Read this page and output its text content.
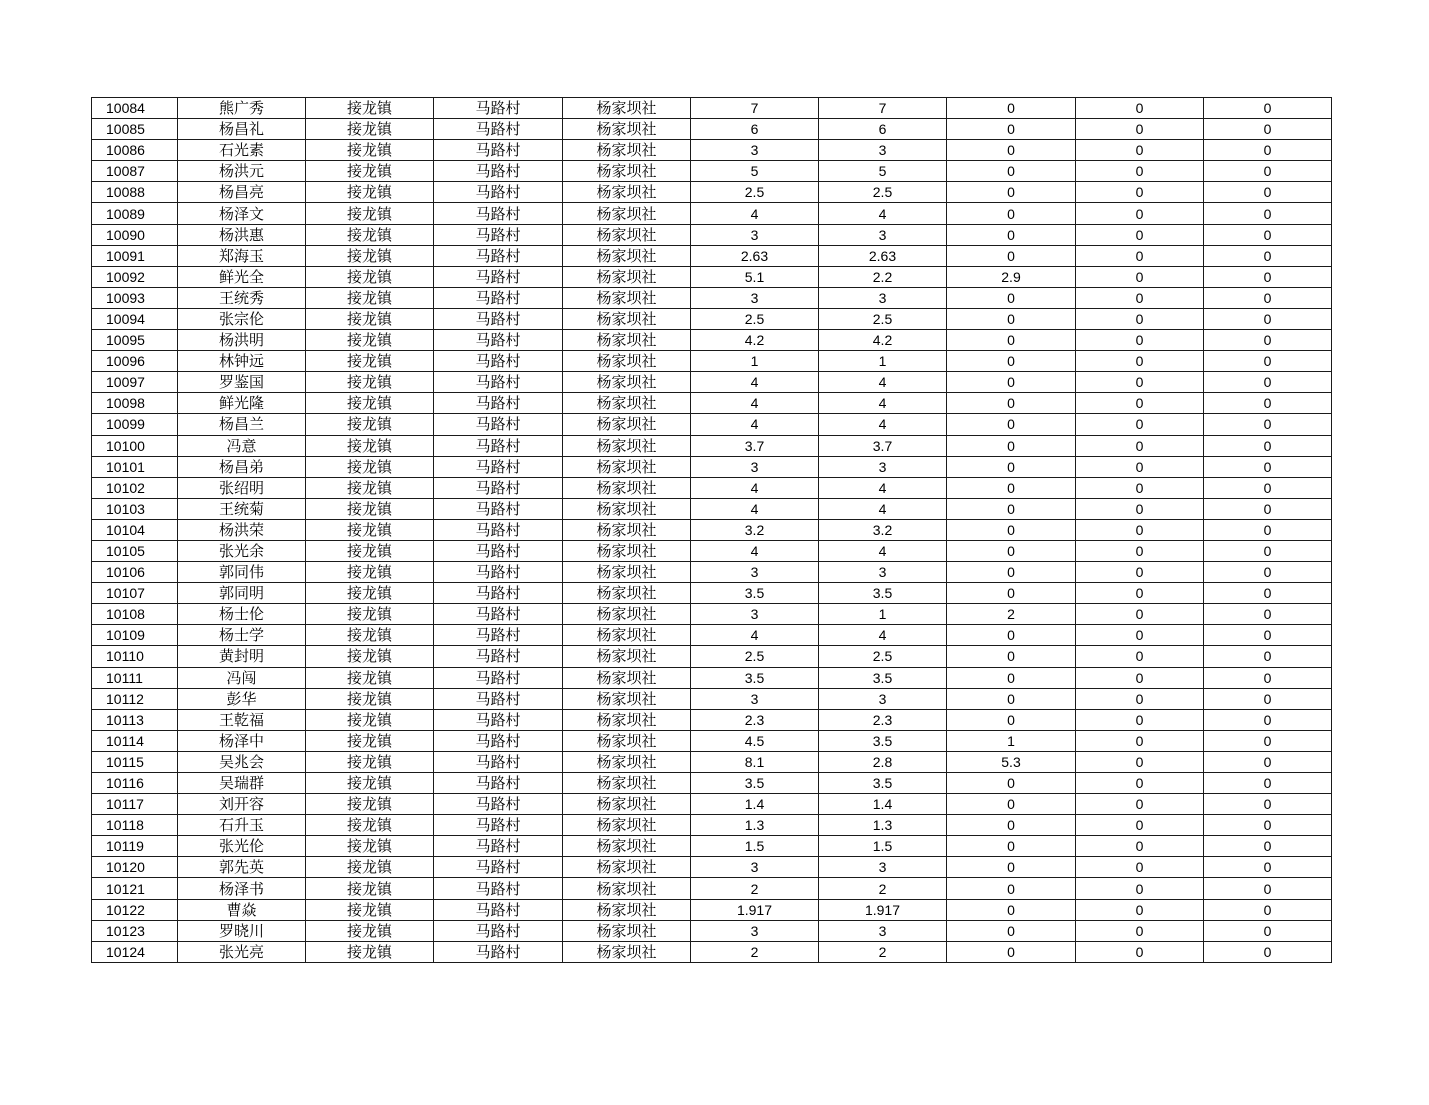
10084	熊广秀	接龙镇	马路村	杨家坝社	7	7	0	0	0
10085	杨昌礼	接龙镇	马路村	杨家坝社	6	6	0	0	0
10086	石光素	接龙镇	马路村	杨家坝社	3	3	0	0	0
10087	杨洪元	接龙镇	马路村	杨家坝社	5	5	0	0	0
10088	杨昌亮	接龙镇	马路村	杨家坝社	2.5	2.5	0	0	0
10089	杨泽文	接龙镇	马路村	杨家坝社	4	4	0	0	0
10090	杨洪惠	接龙镇	马路村	杨家坝社	3	3	0	0	0
10091	郑海玉	接龙镇	马路村	杨家坝社	2.63	2.63	0	0	0
10092	鲜光全	接龙镇	马路村	杨家坝社	5.1	2.2	2.9	0	0
10093	王统秀	接龙镇	马路村	杨家坝社	3	3	0	0	0
10094	张宗伦	接龙镇	马路村	杨家坝社	2.5	2.5	0	0	0
10095	杨洪明	接龙镇	马路村	杨家坝社	4.2	4.2	0	0	0
10096	林钟远	接龙镇	马路村	杨家坝社	1	1	0	0	0
10097	罗鉴国	接龙镇	马路村	杨家坝社	4	4	0	0	0
10098	鲜光隆	接龙镇	马路村	杨家坝社	4	4	0	0	0
10099	杨昌兰	接龙镇	马路村	杨家坝社	4	4	0	0	0
10100	冯意	接龙镇	马路村	杨家坝社	3.7	3.7	0	0	0
10101	杨昌弟	接龙镇	马路村	杨家坝社	3	3	0	0	0
10102	张绍明	接龙镇	马路村	杨家坝社	4	4	0	0	0
10103	王统菊	接龙镇	马路村	杨家坝社	4	4	0	0	0
10104	杨洪荣	接龙镇	马路村	杨家坝社	3.2	3.2	0	0	0
10105	张光余	接龙镇	马路村	杨家坝社	4	4	0	0	0
10106	郭同伟	接龙镇	马路村	杨家坝社	3	3	0	0	0
10107	郭同明	接龙镇	马路村	杨家坝社	3.5	3.5	0	0	0
10108	杨士伦	接龙镇	马路村	杨家坝社	3	1	2	0	0
10109	杨士学	接龙镇	马路村	杨家坝社	4	4	0	0	0
10110	黄封明	接龙镇	马路村	杨家坝社	2.5	2.5	0	0	0
10111	冯闯	接龙镇	马路村	杨家坝社	3.5	3.5	0	0	0
10112	彭华	接龙镇	马路村	杨家坝社	3	3	0	0	0
10113	王乾福	接龙镇	马路村	杨家坝社	2.3	2.3	0	0	0
10114	杨泽中	接龙镇	马路村	杨家坝社	4.5	3.5	1	0	0
10115	吴兆会	接龙镇	马路村	杨家坝社	8.1	2.8	5.3	0	0
10116	吴瑞群	接龙镇	马路村	杨家坝社	3.5	3.5	0	0	0
10117	刘开容	接龙镇	马路村	杨家坝社	1.4	1.4	0	0	0
10118	石升玉	接龙镇	马路村	杨家坝社	1.3	1.3	0	0	0
10119	张光伦	接龙镇	马路村	杨家坝社	1.5	1.5	0	0	0
10120	郭先英	接龙镇	马路村	杨家坝社	3	3	0	0	0
10121	杨泽书	接龙镇	马路村	杨家坝社	2	2	0	0	0
10122	曹焱	接龙镇	马路村	杨家坝社	1.917	1.917	0	0	0
10123	罗晓川	接龙镇	马路村	杨家坝社	3	3	0	0	0
10124	张光亮	接龙镇	马路村	杨家坝社	2	2	0	0	0
